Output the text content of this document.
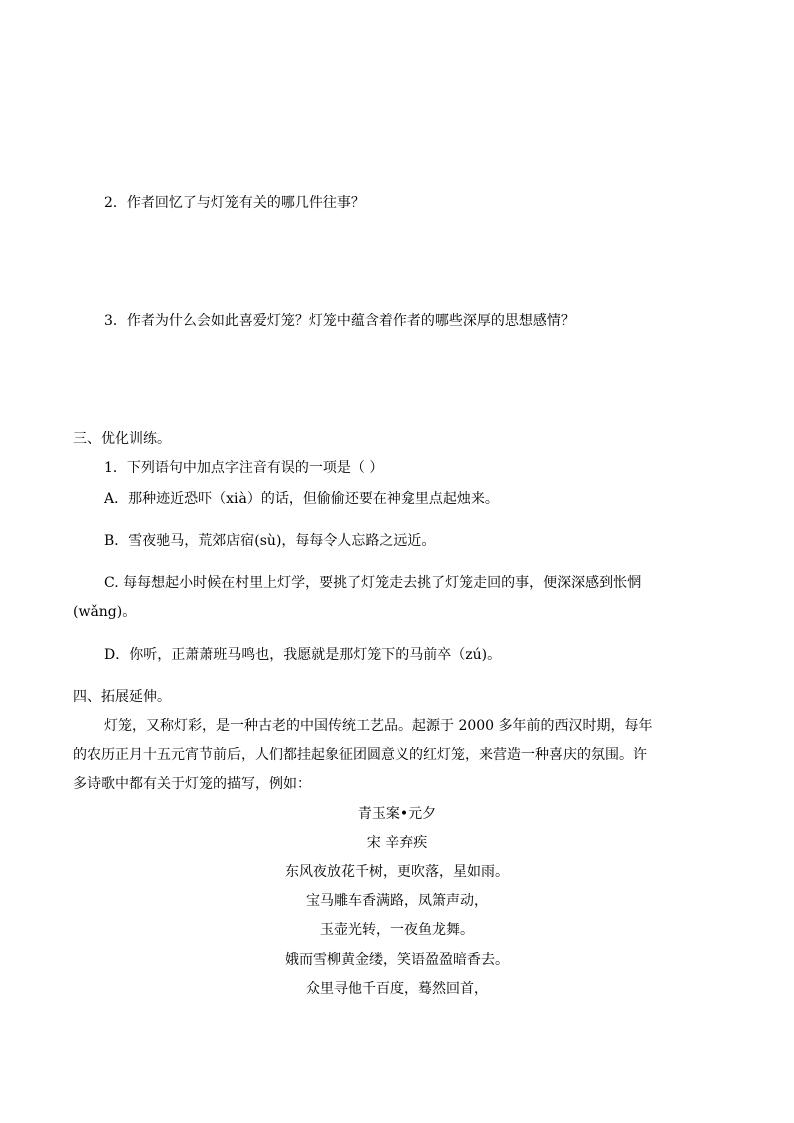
2．作者回忆了与灯笼有关的哪几件往事？
3．作者为什么会如此喜爱灯笼？灯笼中蕴含着作者的哪些深厚的思想感情？
三、优化训练。
1．下列语句中加点字注音有误的一项是（ ）
A．那种迹近恐吓（xià）的话，但偷偷还要在神龛里点起烛来。
B．雪夜驰马，荒郊店宿(sù)，每每令人忘路之远近。
C. 每每想起小时候在村里上灯学，要挑了灯笼走去挑了灯笼走回的事，便深深感到怅惘
(wǎng)。
D．你听，正萧萧班马鸣也，我愿就是那灯笼下的马前卒（zú)。
四、拓展延伸。
灯笼，又称灯彩，是一种古老的中国传统工艺品。起源于 2000 多年前的西汉时期，每年
的农历正月十五元宵节前后，人们都挂起象征团圆意义的红灯笼，来营造一种喜庆的氛围。许
多诗歌中都有关于灯笼的描写，例如：
青玉案•元夕
宋 辛弃疾
东风夜放花千树，更吹落，星如雨。
宝马雕车香满路，凤箫声动，
玉壶光转，一夜鱼龙舞。
娥而雪柳黄金缕，笑语盈盈暗香去。
众里寻他千百度，蓦然回首，
